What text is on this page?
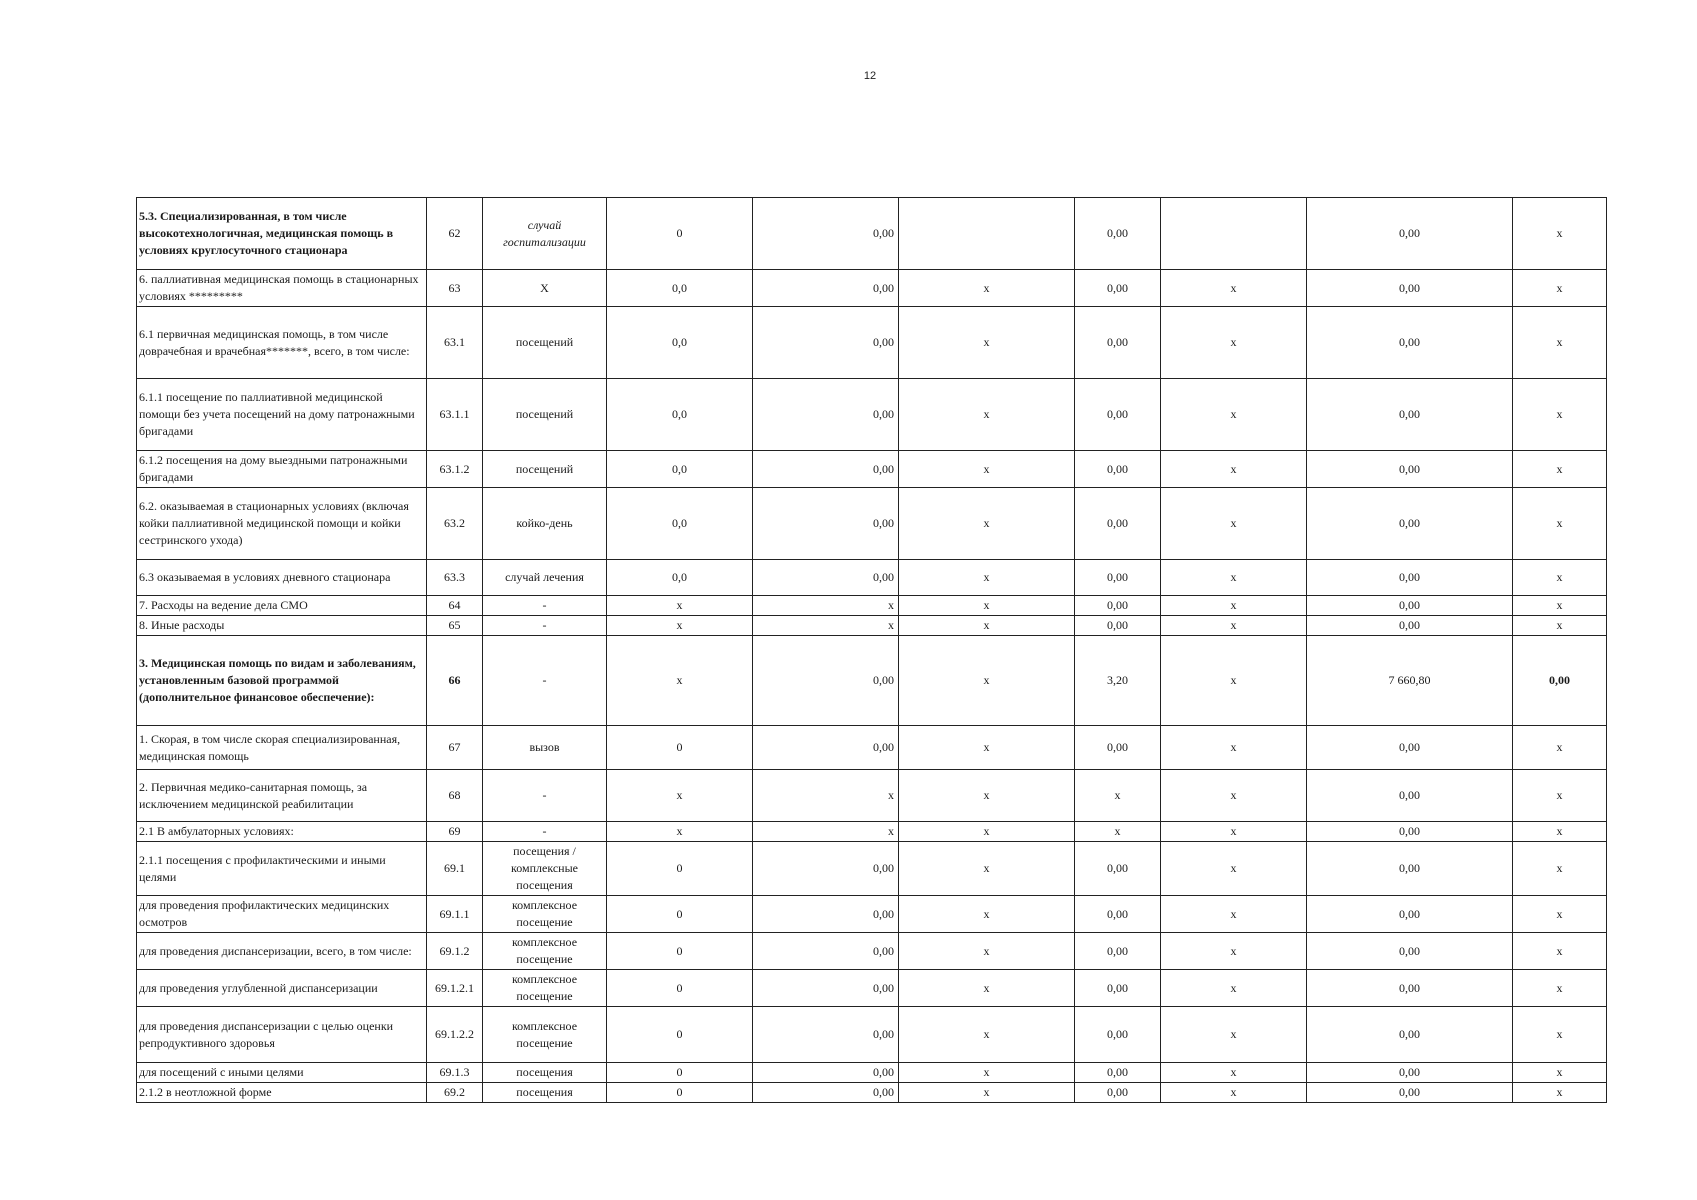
12
5.3. Специализированная, в том числе высокотехнологичная, медицинская помощь в условиях круглосуточного стационара	62	случай госпитализации	0	0,00		0,00		0,00	x
6. паллиативная медицинская помощь в стационарных условиях *********	63	X	0,0	0,00	x	0,00	x	0,00	x
6.1 первичная медицинская помощь, в том числе доврачебная и врачебная*******, всего, в том числе:	63.1	посещений	0,0	0,00	x	0,00	x	0,00	x
6.1.1 посещение по паллиативной медицинской помощи без учета посещений на дому патронажными бригадами	63.1.1	посещений	0,0	0,00	x	0,00	x	0,00	x
6.1.2 посещения на дому выездными патронажными бригадами	63.1.2	посещений	0,0	0,00	x	0,00	x	0,00	x
6.2. оказываемая в стационарных условиях (включая койки паллиативной медицинской помощи и койки сестринского ухода)	63.2	койко-день	0,0	0,00	x	0,00	x	0,00	x
6.3 оказываемая в условиях дневного стационара	63.3	случай лечения	0,0	0,00	x	0,00	x	0,00	x
7. Расходы на ведение дела СМО	64	-	x	x	x	0,00	x	0,00	x
8. Иные расходы	65	-	x	x	x	0,00	x	0,00	x
3. Медицинская помощь по видам и заболеваниям, установленным базовой программой (дополнительное финансовое обеспечение):	66	-	x	0,00	x	3,20	x	7 660,80	0,00
1. Скорая, в том числе скорая специализированная, медицинская помощь	67	вызов	0	0,00	x	0,00	x	0,00	x
2. Первичная медико-санитарная помощь, за исключением медицинской реабилитации	68	-	x	x	x	x	x	0,00	x
2.1 В амбулаторных условиях:	69	-	x	x	x	x	x	0,00	x
2.1.1 посещения с профилактическими и иными целями	69.1	посещения / комплексные посещения	0	0,00	x	0,00	x	0,00	x
для проведения профилактических медицинских осмотров	69.1.1	комплексное посещение	0	0,00	x	0,00	x	0,00	x
для проведения диспансеризации, всего, в том числе:	69.1.2	комплексное посещение	0	0,00	x	0,00	x	0,00	x
для проведения углубленной диспансеризации	69.1.2.1	комплексное посещение	0	0,00	x	0,00	x	0,00	x
для проведения диспансеризации с целью оценки репродуктивного здоровья	69.1.2.2	комплексное посещение	0	0,00	x	0,00	x	0,00	x
для посещений с иными целями	69.1.3	посещения	0	0,00	x	0,00	x	0,00	x
2.1.2 в неотложной форме	69.2	посещения	0	0,00	x	0,00	x	0,00	x
